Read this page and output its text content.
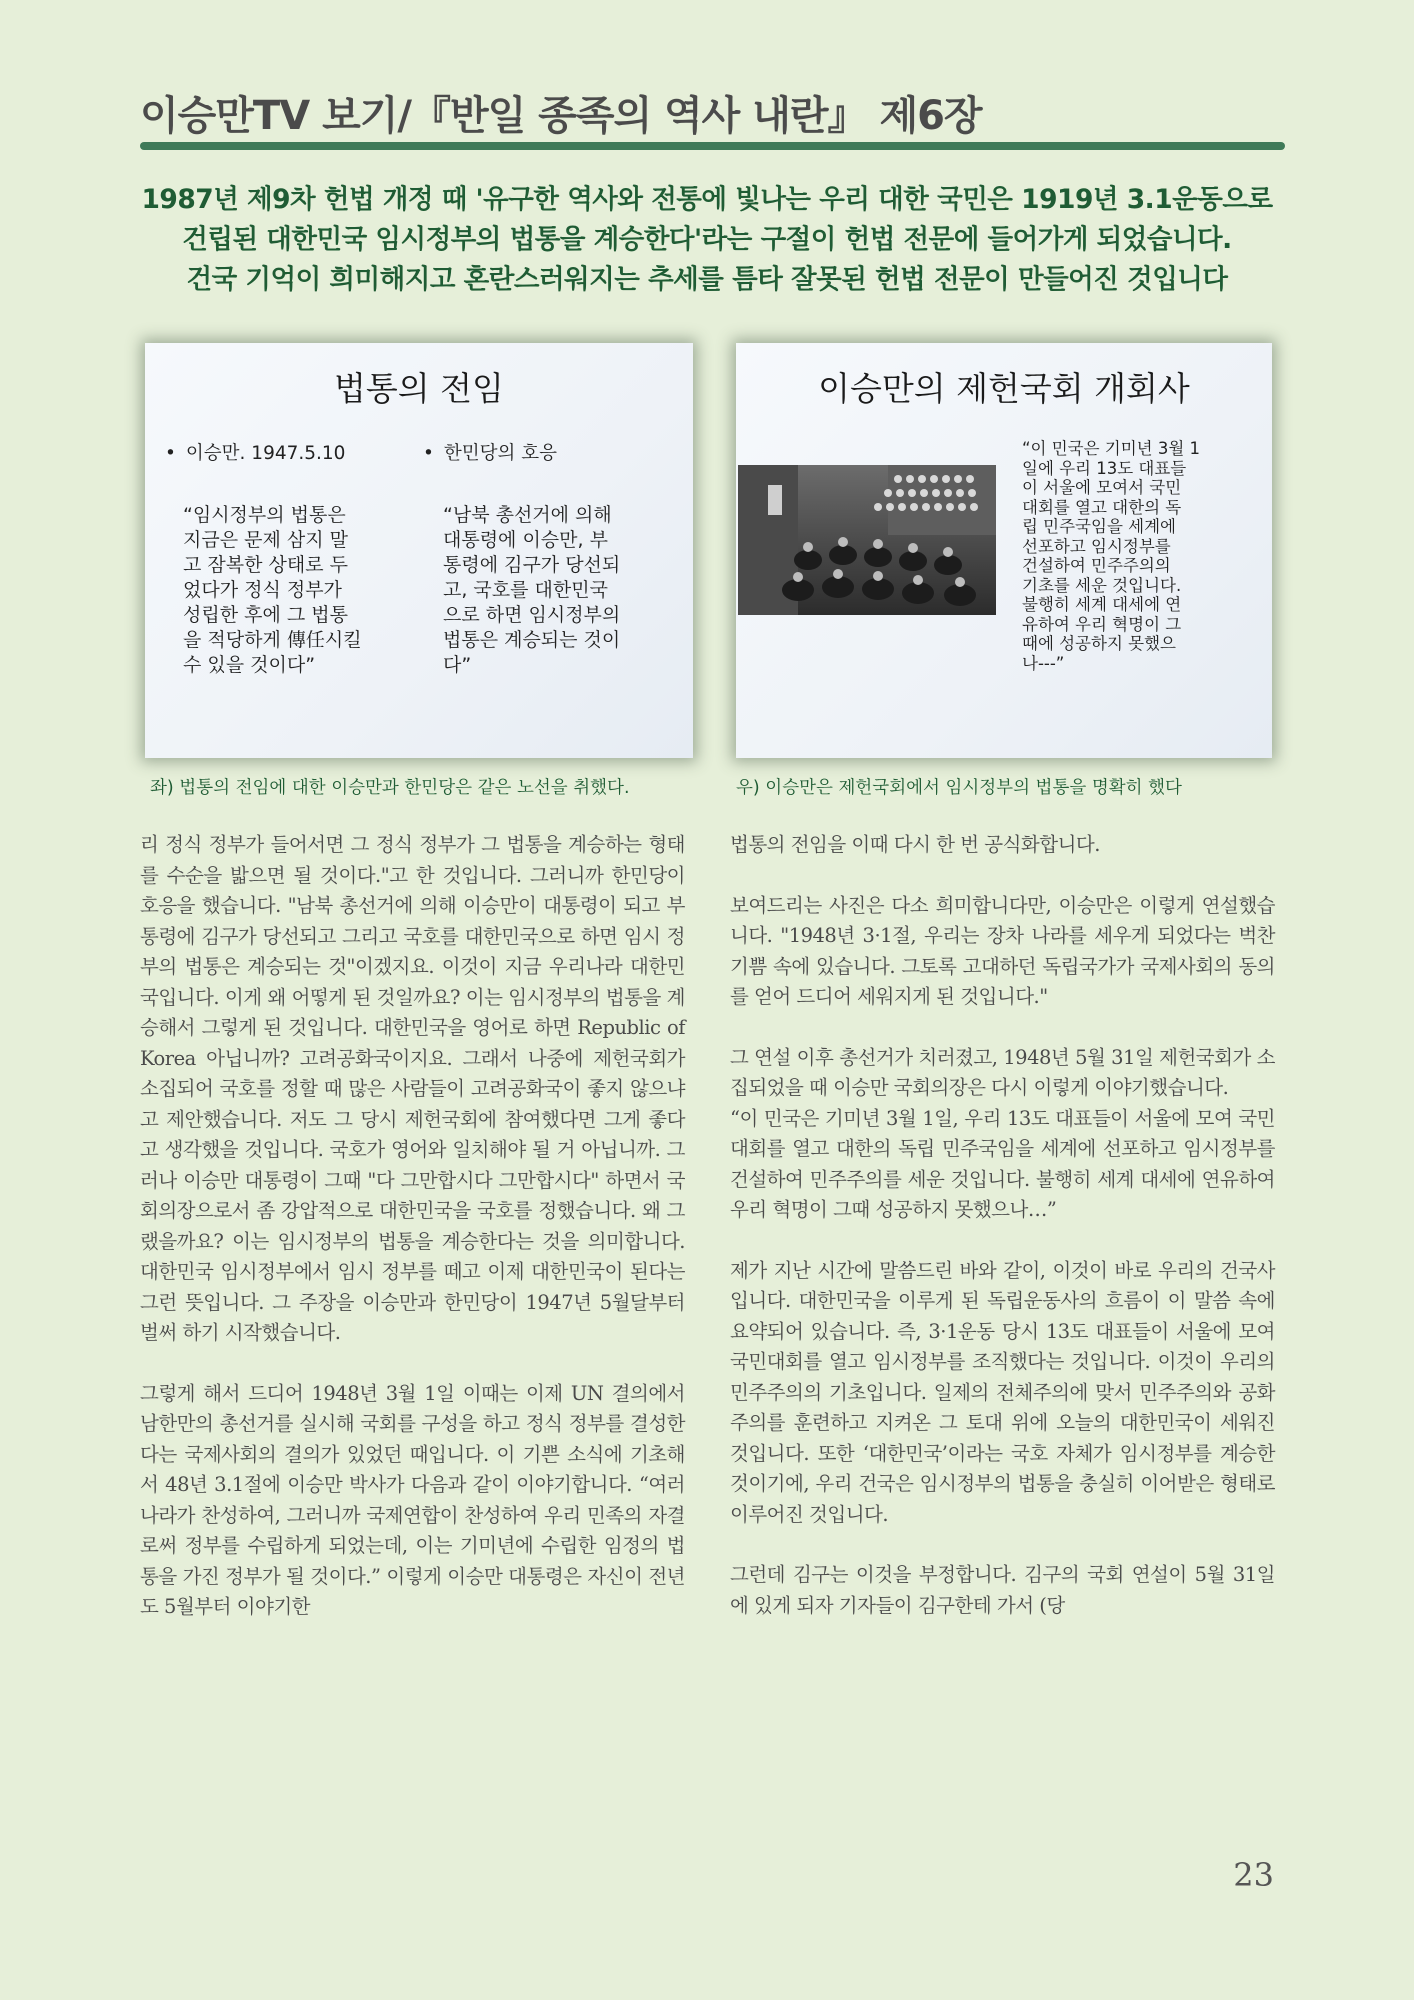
이승만TV 보기/『반일 종족의 역사 내란』 제6장

1987년 제9차 헌법 개정 때 '유구한 역사와 전통에 빛나는 우리 대한 국민은 1919년 3.1운동으로

건립된 대한민국 임시정부의 법통을 계승한다'라는 구절이 헌법 전문에 들어가게 되었습니다.

건국 기억이 희미해지고 혼란스러워지는 추세를 틈타 잘못된 헌법 전문이 만들어진 것입니다

법통의 전임
• 이승만. 1947.5.10
•	한민당의 호응
“임시정부의 법통은
지금은 문제 삼지 말
고 잠복한 상태로 두
었다가 정식 정부가
성립한 후에 그 법통
을 적당하게 傳任시킬
수 있을 것이다”
“남북 총선거에 의해
대통령에 이승만, 부
통령에 김구가 당선되
고, 국호를 대한민국
으로 하면 임시정부의
법통은 계승되는 것이
다”
이승만의 제헌국회 개회사
“이 민국은 기미년 3월 1
일에 우리 13도 대표들
이 서울에 모여서 국민
대회를 열고 대한의 독
립 민주국임을 세계에
선포하고 임시정부를
건설하여 민주주의의
기초를 세운 것입니다.
불행히 세계 대세에 연
유하여 우리 혁명이 그
때에 성공하지 못했으
나---”
좌) 법통의 전임에 대한 이승만과 한민당은 같은 노선을 취했다.	우) 이승만은 제헌국회에서 임시정부의 법통을 명확히 했다

리 정식 정부가 들어서면 그 정식 정부가 그 법통을 계승하는 형태를 수순을 밟으면 될 것이다."고 한 것입니다. 그러니까 한민당이 호응을 했습니다. "남북 총선거에 의해 이승만이 대통령이 되고 부통령에 김구가 당선되고 그리고 국호를 대한민국으로 하면 임시 정부의 법통은 계승되는 것"이겠지요. 이것이 지금 우리나라 대한민국입니다. 이게 왜 어떻게 된 것일까요? 이는 임시정부의 법통을 계승해서 그렇게 된 것입니다. 대한민국을 영어로 하면 Republic of Korea 아닙니까? 고려공화국이지요. 그래서 나중에 제헌국회가 소집되어 국호를 정할 때 많은 사람들이 고려공화국이 좋지 않으냐고 제안했습니다. 저도 그 당시 제헌국회에 참여했다면 그게 좋다고 생각했을 것입니다. 국호가 영어와 일치해야 될 거 아닙니까. 그러나 이승만 대통령이 그때 "다 그만합시다 그만합시다" 하면서 국회의장으로서 좀 강압적으로 대한민국을 국호를 정했습니다. 왜 그랬을까요? 이는 임시정부의 법통을 계승한다는 것을 의미합니다. 대한민국 임시정부에서 임시 정부를 떼고 이제 대한민국이 된다는 그런 뜻입니다. 그 주장을 이승만과 한민당이 1947년 5월달부터 벌써 하기 시작했습니다.

그렇게 해서 드디어 1948년 3월 1일 이때는 이제 UN 결의에서 남한만의 총선거를 실시해 국회를 구성을 하고 정식 정부를 결성한다는 국제사회의 결의가 있었던 때입니다. 이 기쁜 소식에 기초해서 48년 3.1절에 이승만 박사가 다음과 같이 이야기합니다. “여러 나라가 찬성하여, 그러니까 국제연합이 찬성하여 우리 민족의 자결로써 정부를 수립하게 되었는데, 이는 기미년에 수립한 임정의 법통을 가진 정부가 될 것이다.” 이렇게 이승만 대통령은 자신이 전년도 5월부터 이야기한

법통의 전임을 이때 다시 한 번 공식화합니다.

보여드리는 사진은 다소 희미합니다만, 이승만은 이렇게 연설했습니다. "1948년 3·1절, 우리는 장차 나라를 세우게 되었다는 벅찬 기쁨 속에 있습니다. 그토록 고대하던 독립국가가 국제사회의 동의를 얻어 드디어 세워지게 된 것입니다."

그 연설 이후 총선거가 치러졌고, 1948년 5월 31일 제헌국회가 소집되었을 때 이승만 국회의장은 다시 이렇게 이야기했습니다.
“이 민국은 기미년 3월 1일, 우리 13도 대표들이 서울에 모여 국민대회를 열고 대한의 독립 민주국임을 세계에 선포하고 임시정부를 건설하여 민주주의를 세운 것입니다. 불행히 세계 대세에 연유하여 우리 혁명이 그때 성공하지 못했으나…”

제가 지난 시간에 말씀드린 바와 같이, 이것이 바로 우리의 건국사입니다. 대한민국을 이루게 된 독립운동사의 흐름이 이 말씀 속에 요약되어 있습니다. 즉, 3·1운동 당시 13도 대표들이 서울에 모여 국민대회를 열고 임시정부를 조직했다는 것입니다. 이것이 우리의 민주주의의 기초입니다. 일제의 전체주의에 맞서 민주주의와 공화주의를 훈련하고 지켜온 그 토대 위에 오늘의 대한민국이 세워진 것입니다. 또한 ‘대한민국’이라는 국호 자체가 임시정부를 계승한 것이기에, 우리 건국은 임시정부의 법통을 충실히 이어받은 형태로 이루어진 것입니다.

그런데 김구는 이것을 부정합니다. 김구의 국회 연설이 5월 31일에 있게 되자 기자들이 김구한테 가서 (당

23
